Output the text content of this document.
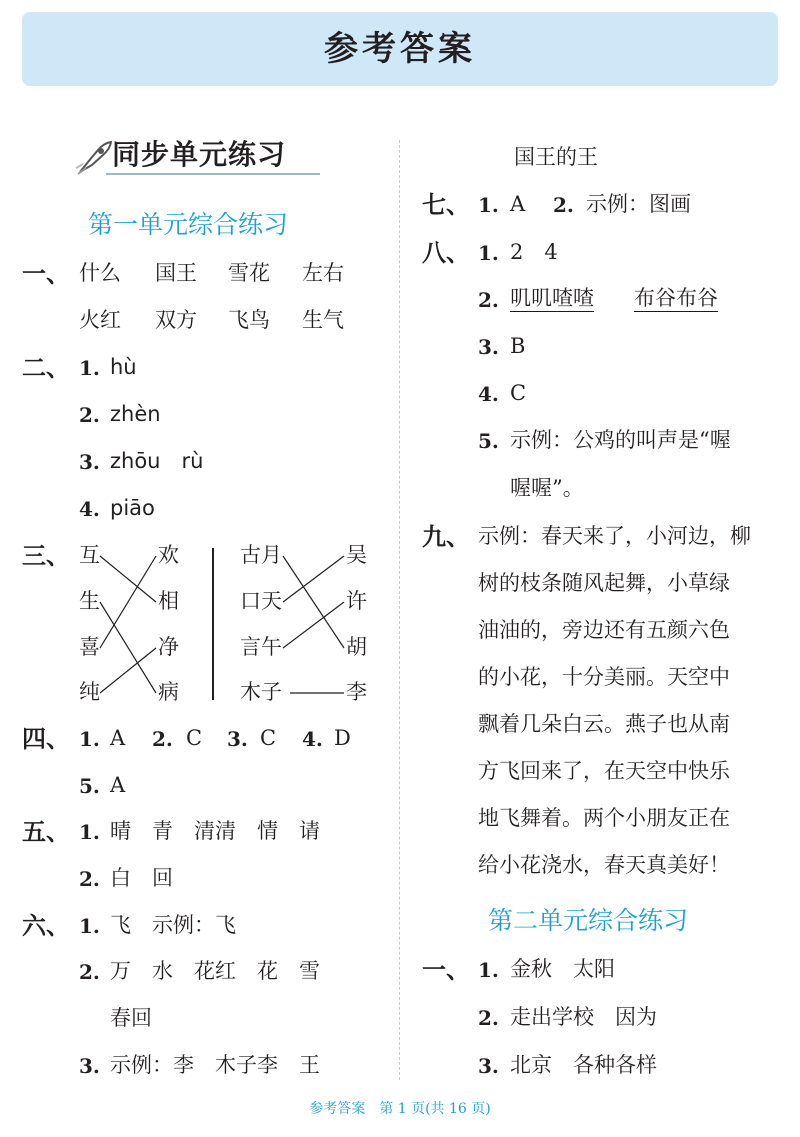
参考答案
同步单元练习
第一单元综合练习
一、 什么 国王 雪花 左右
火红 双方 飞鸟 生气
二、 1. hù
2. zhèn
3. zhōu　rù
4. piāo
三、 互
生
喜
纯
欢
相
净
病
古月
口天
言午
木子
吴
许
胡
李
四、 1. A 2. C 3. C 4. D
5. A
五、 1. 晴　青　清清　情　请
2. 白　回
六、 1. 飞　示例：飞
2. 万　水　花红　花　雪
春回
3. 示例：李　木子李　王
国王的王
七、 1. A 2. 示例：图画
八、 1. 2　4
2. 叽叽喳喳 布谷布谷
3. B
4. C
5. 示例：公鸡的叫声是“喔
喔喔”。
九、 示例：春天来了，小河边，柳
树的枝条随风起舞，小草绿
油油的，旁边还有五颜六色
的小花，十分美丽。天空中
飘着几朵白云。燕子也从南
方飞回来了，在天空中快乐
地飞舞着。两个小朋友正在
给小花浇水，春天真美好！
第二单元综合练习
一、 1. 金秋　太阳
2. 走出学校　因为
3. 北京　各种各样
参考答案　第 1 页(共 16 页)
